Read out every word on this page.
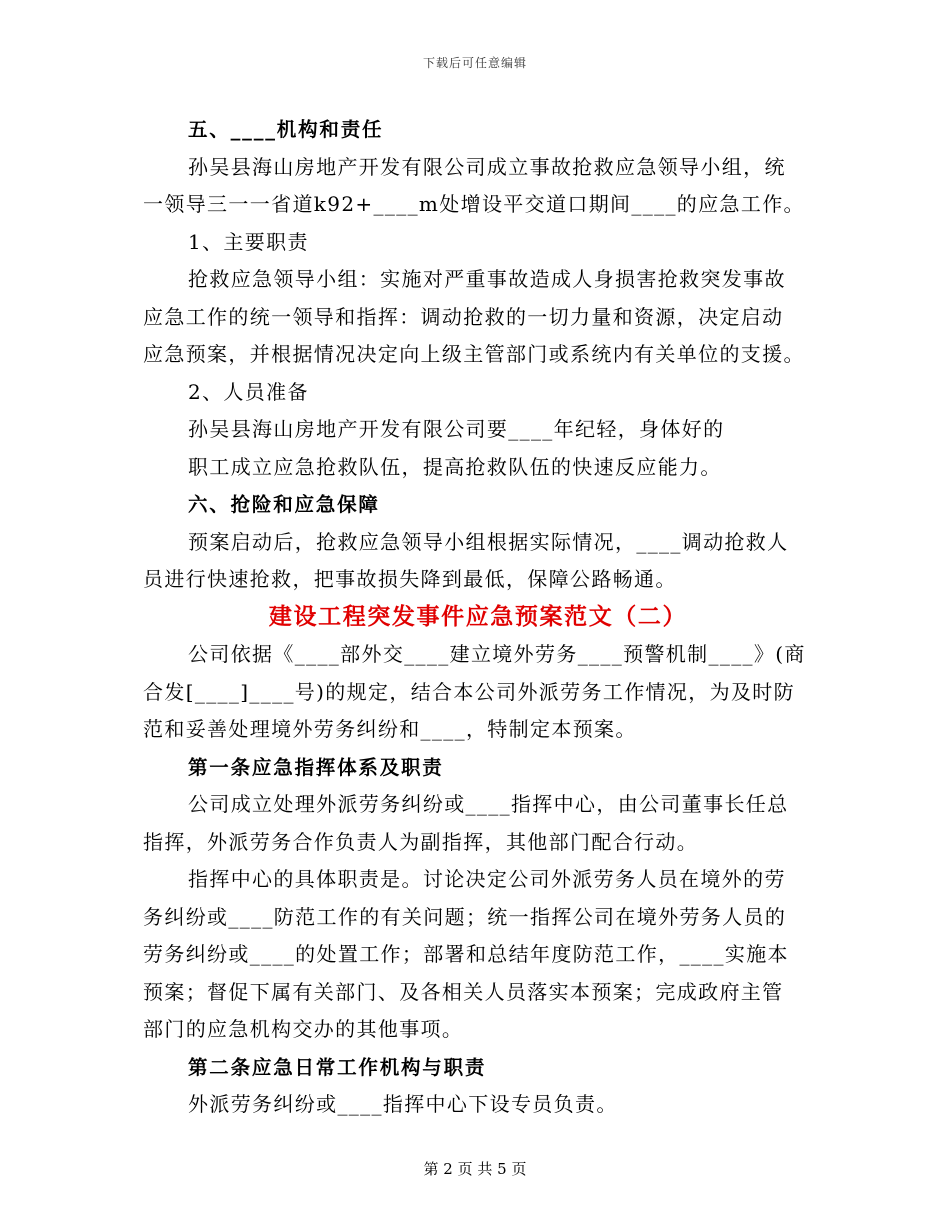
下载后可任意编辑

五、____机构和责任

孙吴县海山房地产开发有限公司成立事故抢救应急领导小组，统

一领导三一一省道k92+____m处增设平交道口期间____的应急工作。

1、主要职责

抢救应急领导小组：实施对严重事故造成人身损害抢救突发事故

应急工作的统一领导和指挥：调动抢救的一切力量和资源，决定启动

应急预案，并根据情况决定向上级主管部门或系统内有关单位的支援。

2、人员准备

孙吴县海山房地产开发有限公司要____年纪轻，身体好的

职工成立应急抢救队伍，提高抢救队伍的快速反应能力。

六、抢险和应急保障

预案启动后，抢救应急领导小组根据实际情况，____调动抢救人

员进行快速抢救，把事故损失降到最低，保障公路畅通。

建设工程突发事件应急预案范文（二）

公司依据《____部外交____建立境外劳务____预警机制____》(商

合发[____]____号)的规定，结合本公司外派劳务工作情况，为及时防

范和妥善处理境外劳务纠纷和____，特制定本预案。

第一条应急指挥体系及职责

公司成立处理外派劳务纠纷或____指挥中心，由公司董事长任总

指挥，外派劳务合作负责人为副指挥，其他部门配合行动。

指挥中心的具体职责是。讨论决定公司外派劳务人员在境外的劳

务纠纷或____防范工作的有关问题；统一指挥公司在境外劳务人员的

劳务纠纷或____的处置工作；部署和总结年度防范工作，____实施本

预案；督促下属有关部门、及各相关人员落实本预案；完成政府主管

部门的应急机构交办的其他事项。

第二条应急日常工作机构与职责

外派劳务纠纷或____指挥中心下设专员负责。

第 2 页 共 5 页
